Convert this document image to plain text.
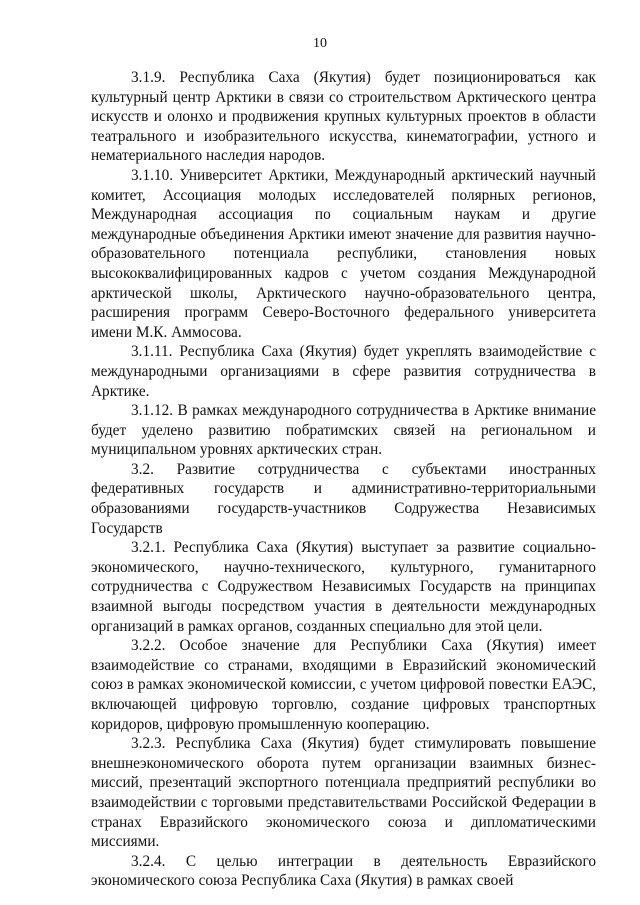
10

3.1.9. Республика Саха (Якутия) будет позиционироваться как культурный центр Арктики в связи со строительством Арктического центра искусств и олонхо и продвижения крупных культурных проектов в области театрального и изобразительного искусства, кинематографии, устного и нематериального наследия народов.

3.1.10. Университет Арктики, Международный арктический научный комитет, Ассоциация молодых исследователей полярных регионов, Международная ассоциация по социальным наукам и другие международные объединения Арктики имеют значение для развития научно-образовательного потенциала республики, становления новых высококвалифицированных кадров с учетом создания Международной арктической школы, Арктического научно-образовательного центра, расширения программ Северо-Восточного федерального университета имени М.К. Аммосова.

3.1.11. Республика Саха (Якутия) будет укреплять взаимодействие с международными организациями в сфере развития сотрудничества в Арктике.

3.1.12. В рамках международного сотрудничества в Арктике внимание будет уделено развитию побратимских связей на региональном и муниципальном уровнях арктических стран.

3.2. Развитие сотрудничества с субъектами иностранных федеративных государств и административно-территориальными образованиями государств-участников Содружества Независимых Государств

3.2.1. Республика Саха (Якутия) выступает за развитие социально-экономического, научно-технического, культурного, гуманитарного сотрудничества с Содружеством Независимых Государств на принципах взаимной выгоды посредством участия в деятельности международных организаций в рамках органов, созданных специально для этой цели.

3.2.2. Особое значение для Республики Саха (Якутия) имеет взаимодействие со странами, входящими в Евразийский экономический союз в рамках экономической комиссии, с учетом цифровой повестки ЕАЭС, включающей цифровую торговлю, создание цифровых транспортных коридоров, цифровую промышленную кооперацию.

3.2.3. Республика Саха (Якутия) будет стимулировать повышение внешнеэкономического оборота путем организации взаимных бизнес-миссий, презентаций экспортного потенциала предприятий республики во взаимодействии с торговыми представительствами Российской Федерации в странах Евразийского экономического союза и дипломатическими миссиями.

3.2.4. С целью интеграции в деятельность Евразийского экономического союза Республика Саха (Якутия) в рамках своей
